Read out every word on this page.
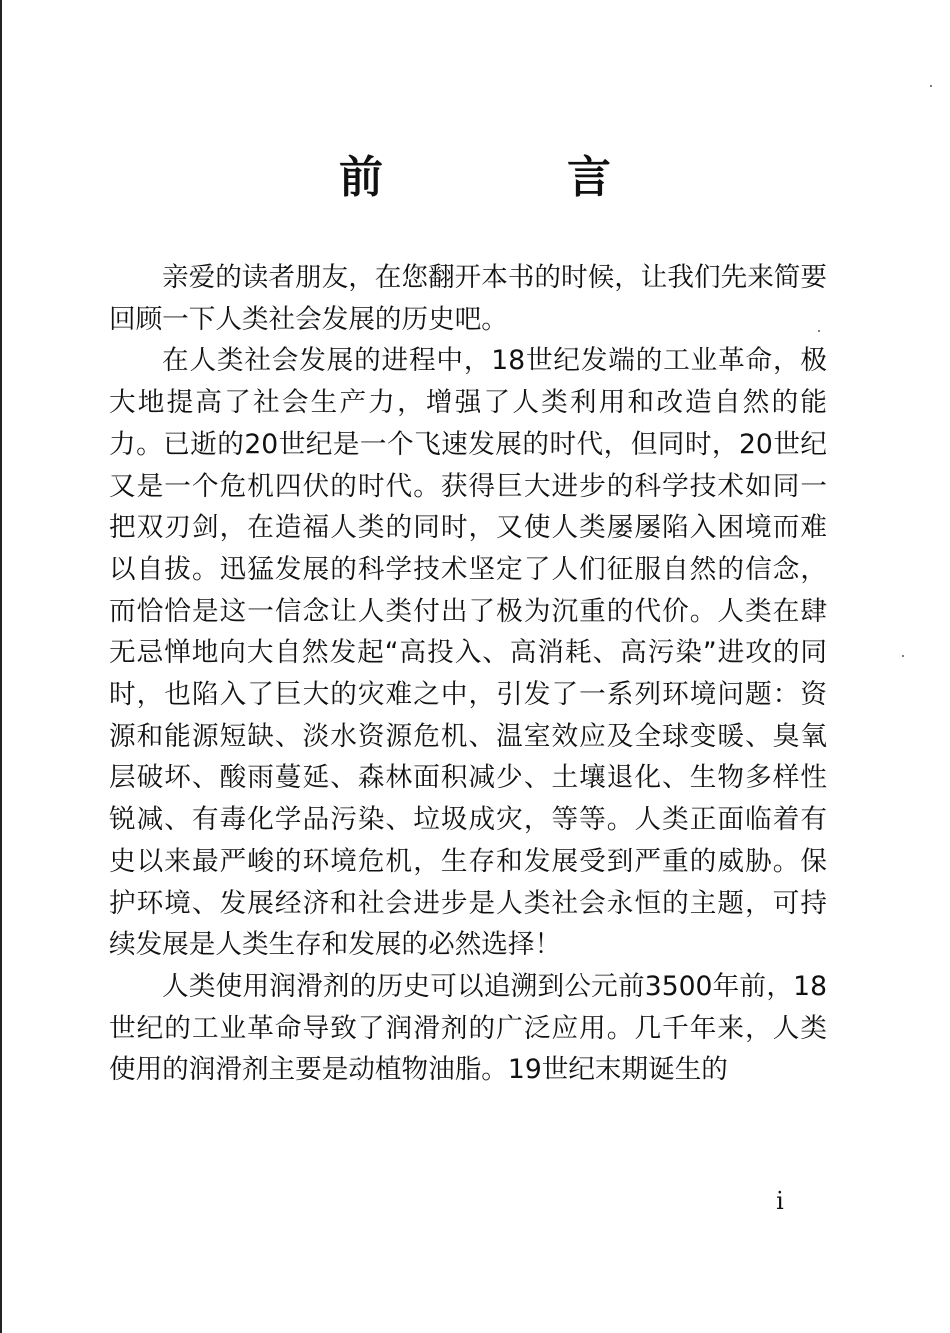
前　言

亲爱的读者朋友，在您翻开本书的时候，让我们先来简要回顾一下人类社会发展的历史吧。

在人类社会发展的进程中，18世纪发端的工业革命，极大地提高了社会生产力，增强了人类利用和改造自然的能力。已逝的20世纪是一个飞速发展的时代，但同时，20世纪又是一个危机四伏的时代。获得巨大进步的科学技术如同一把双刃剑，在造福人类的同时，又使人类屡屡陷入困境而难以自拔。迅猛发展的科学技术坚定了人们征服自然的信念，而恰恰是这一信念让人类付出了极为沉重的代价。人类在肆无忌惮地向大自然发起“高投入、高消耗、高污染”进攻的同时，也陷入了巨大的灾难之中，引发了一系列环境问题：资源和能源短缺、淡水资源危机、温室效应及全球变暖、臭氧层破坏、酸雨蔓延、森林面积减少、土壤退化、生物多样性锐减、有毒化学品污染、垃圾成灾，等等。人类正面临着有史以来最严峻的环境危机，生存和发展受到严重的威胁。保护环境、发展经济和社会进步是人类社会永恒的主题，可持续发展是人类生存和发展的必然选择！

人类使用润滑剂的历史可以追溯到公元前3500年前，18世纪的工业革命导致了润滑剂的广泛应用。几千年来，人类使用的润滑剂主要是动植物油脂。19世纪末期诞生的

i
